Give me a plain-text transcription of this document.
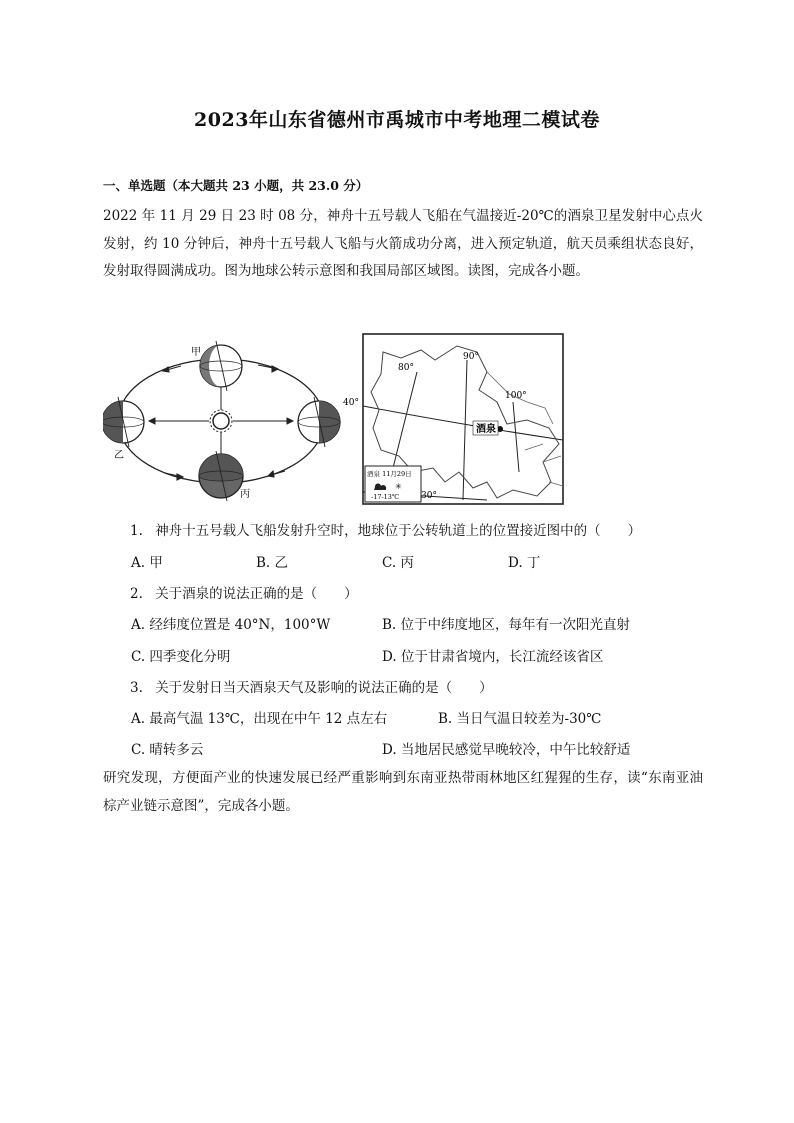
2023年山东省德州市禹城市中考地理二模试卷
一、单选题（本大题共 23 小题，共 23.0 分）
2022 年 11 月 29 日 23 时 08 分，神舟十五号载人飞船在气温接近-20℃的酒泉卫星发射中心点火发射，约 10 分钟后，神舟十五号载人飞船与火箭成功分离，进入预定轨道，航天员乘组状态良好，发射取得圆满成功。图为地球公转示意图和我国局部区域图。读图，完成各小题。
甲
乙
丙
酒泉
80°
90°
100°
40°
30°
酒泉 11月29日
✳
-17-13℃
1. 神舟十五号载人飞船发射升空时，地球位于公转轨道上的位置接近图中的（　　）
A. 甲	B. 乙	C. 丙	D. 丁
2. 关于酒泉的说法正确的是（　　）
A. 经纬度位置是 40°N，100°W	B. 位于中纬度地区，每年有一次阳光直射
C. 四季变化分明	D. 位于甘肃省境内，长江流经该省区
3. 关于发射日当天酒泉天气及影响的说法正确的是（　　）
A. 最高气温 13℃，出现在中午 12 点左右	B. 当日气温日较差为-30℃
C. 晴转多云	D. 当地居民感觉早晚较冷，中午比较舒适
研究发现，方便面产业的快速发展已经严重影响到东南亚热带雨林地区红猩猩的生存，读“东南亚油棕产业链示意图”，完成各小题。
